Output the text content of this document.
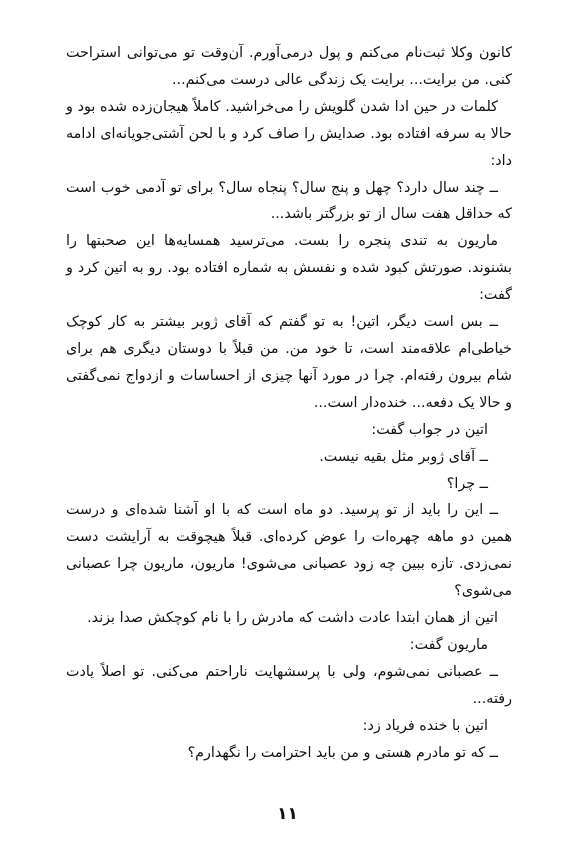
کانون وکلا ثبت‌نام می‌کنم و پول درمی‌آورم. آن‌وقت تو می‌توانی استراحت کنی. من برایت... برایت یک زندگی عالی درست می‌کنم...

کلمات در حین ادا شدن گلویش را می‌خراشید. کاملاً هیجان‌زده شده بود و حالا به سرفه افتاده بود. صدایش را صاف کرد و با لحن آشتی‌جویانه‌ای ادامه داد:

ــ چند سال دارد؟ چهل و پنج سال؟ پنجاه سال؟ برای تو آدمی خوب است که حداقل هفت سال از تو بزرگتر باشد...

ماریون به تندی پنجره را بست. می‌ترسید همسایه‌ها این صحبتها را بشنوند. صورتش کبود شده و نفسش به شماره افتاده بود. رو به اتین کرد و گفت:

ــ بس است دیگر، اتین! به تو گفتم که آقای ژوبر بیشتر به کار کوچک خیاطی‌ام علاقه‌مند است، تا خود من. من قبلاً با دوستان دیگری هم برای شام بیرون رفته‌ام. چرا در مورد آنها چیزی از احساسات و ازدواج نمی‌گفتی و حالا یک دفعه... خنده‌دار است...

اتین در جواب گفت:

ــ آقای ژوبر مثل بقیه نیست.

ــ چرا؟

ــ این را باید از تو پرسید. دو ماه است که با او آشنا شده‌ای و درست همین دو ماهه چهره‌ات را عوض کرده‌ای. قبلاً هیچوقت به آرایشت دست نمی‌زدی. تازه ببین چه زود عصبانی می‌شوی! ماریون، ماریون چرا عصبانی می‌شوی؟

اتین از همان ابتدا عادت داشت که مادرش را با نام کوچکش صدا بزند.

ماریون گفت:

ــ عصبانی نمی‌شوم، ولی با پرسشهایت ناراحتم می‌کنی. تو اصلاً یادت رفته...

اتین با خنده فریاد زد:

ــ که تو مادرم هستی و من باید احترامت را نگهدارم؟

۱۱
